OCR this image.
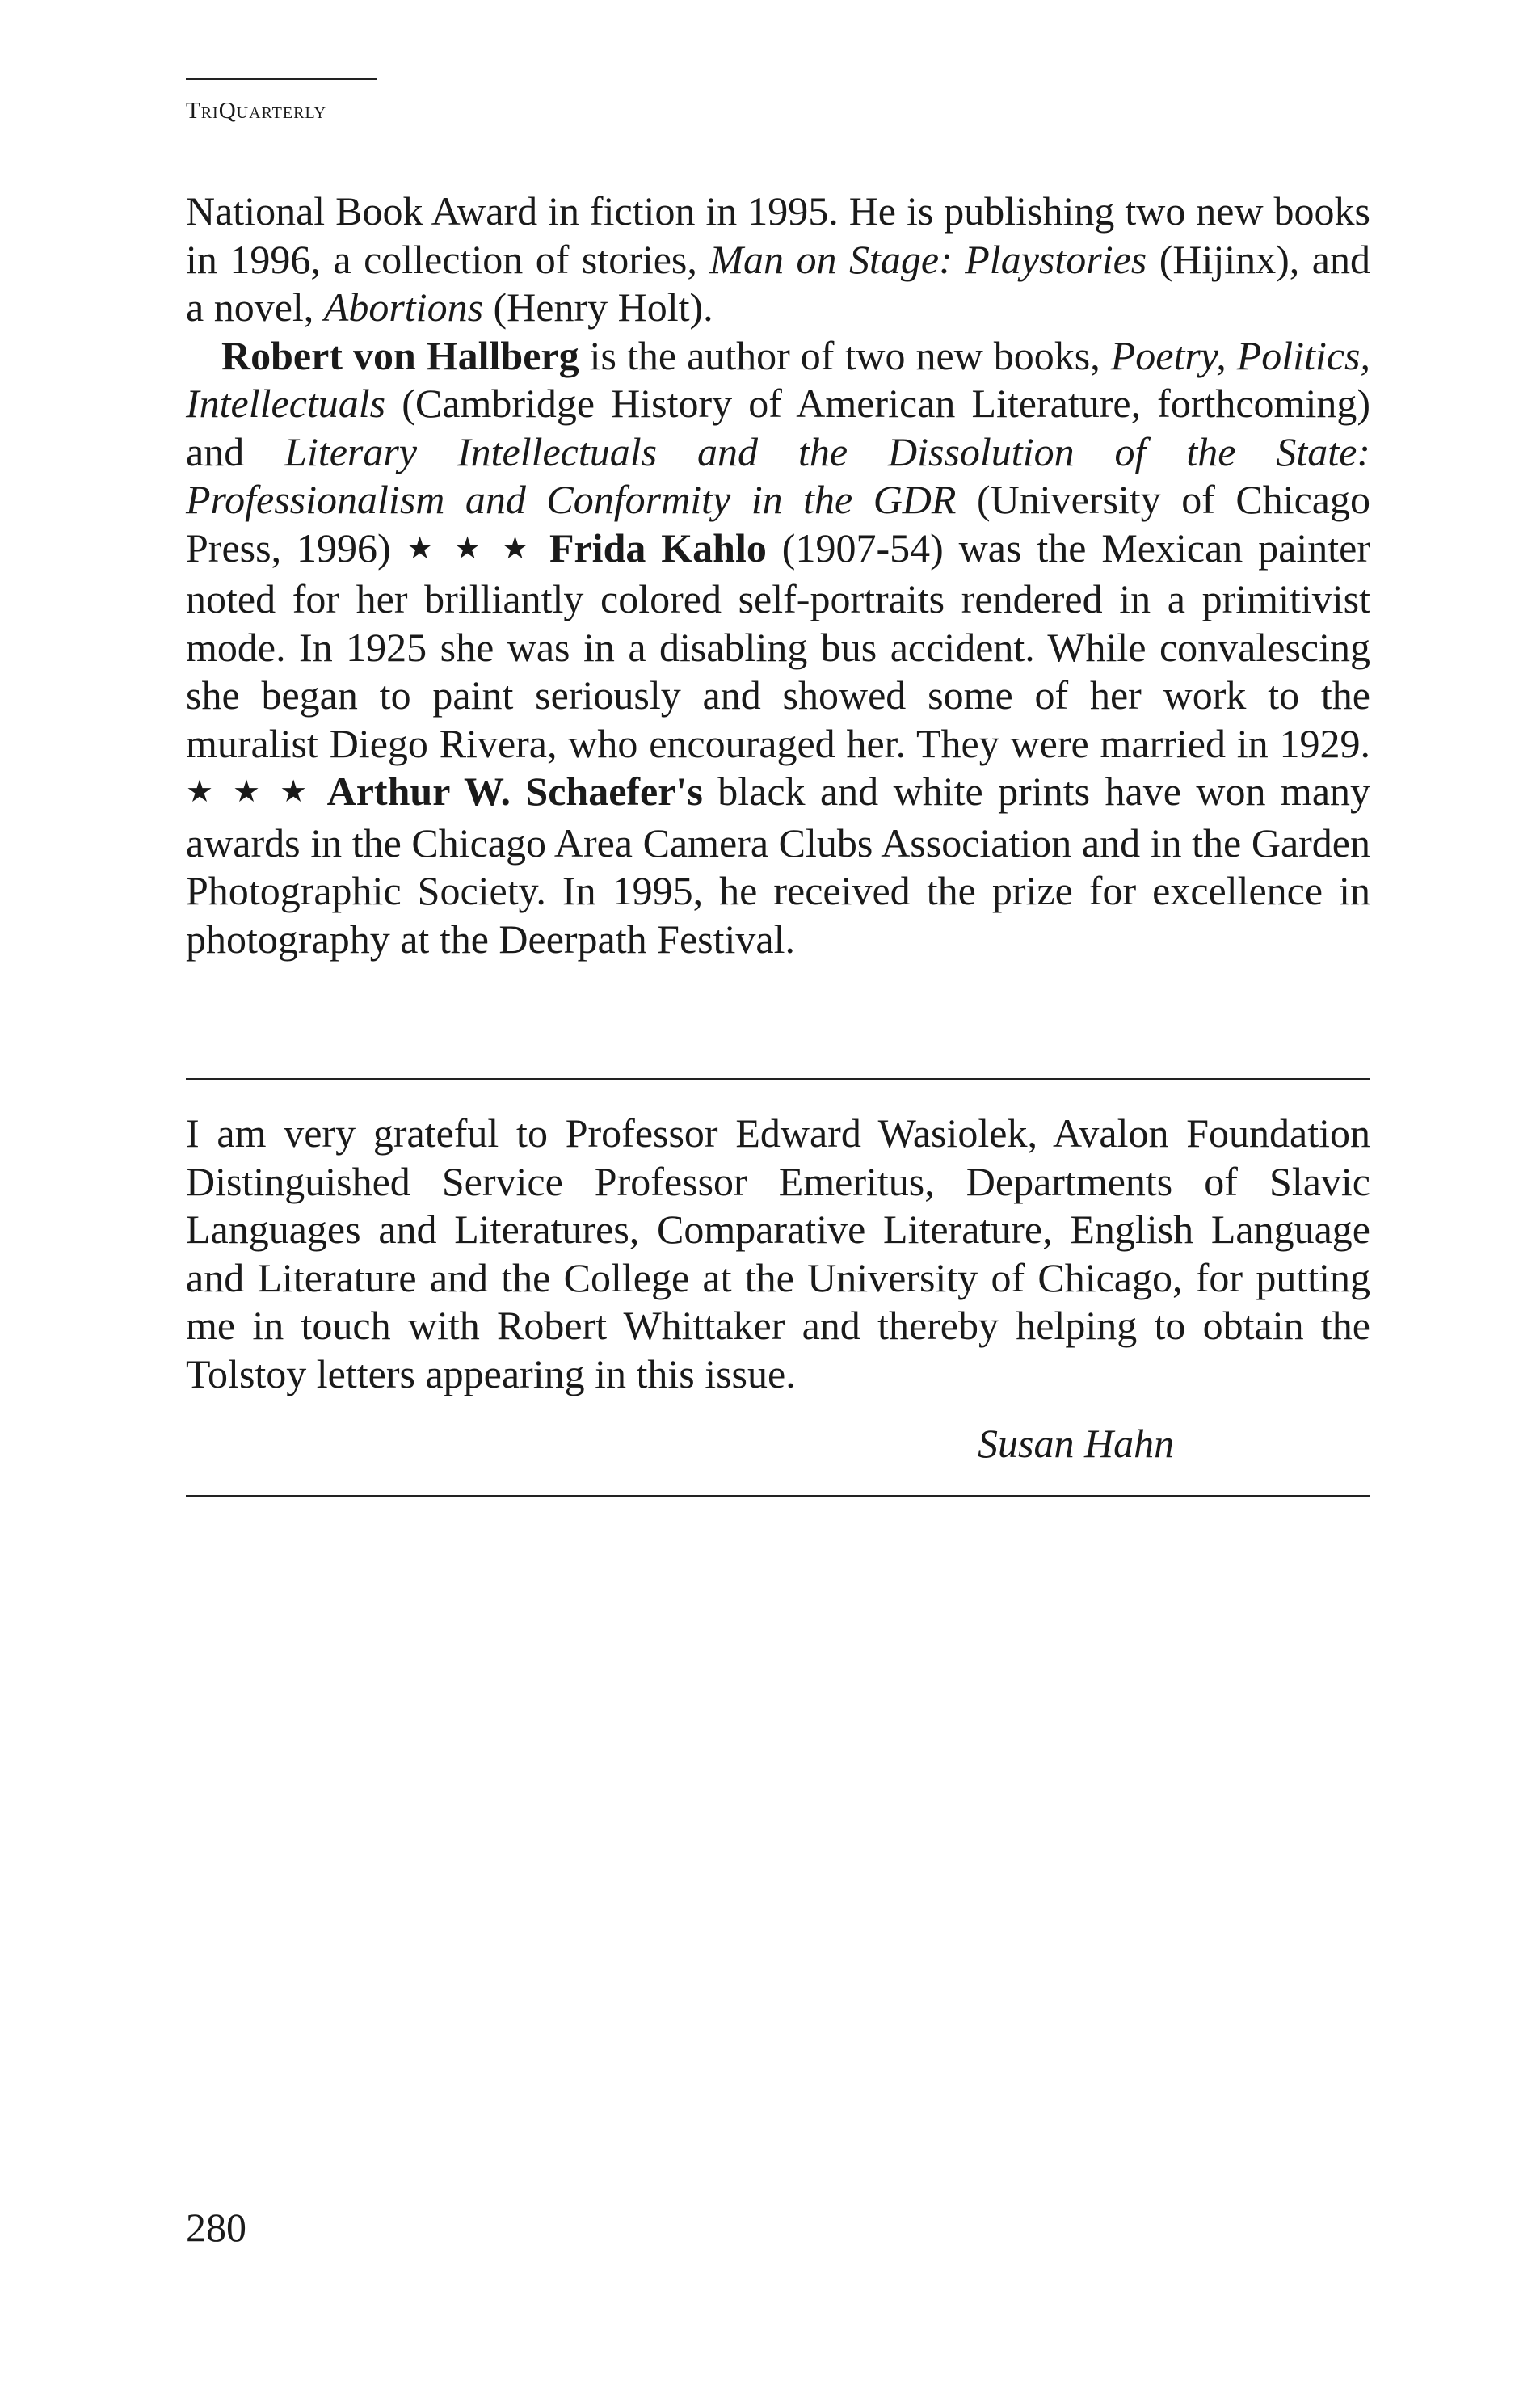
TriQuarterly

National Book Award in fiction in 1995. He is publishing two new books in 1996, a collection of stories, Man on Stage: Playstories (Hijinx), and a novel, Abortions (Henry Holt).

Robert von Hallberg is the author of two new books, Poetry, Politics, Intellectuals (Cambridge History of American Literature, forthcoming) and Literary Intellectuals and the Dissolution of the State: Professionalism and Conformity in the GDR (University of Chicago Press, 1996) ★ ★ ★ Frida Kahlo (1907-54) was the Mexican painter noted for her brilliantly colored self-portraits rendered in a primitivist mode. In 1925 she was in a disabling bus accident. While convalescing she began to paint seriously and showed some of her work to the muralist Diego Rivera, who encouraged her. They were married in 1929. ★ ★ ★ Arthur W. Schaefer's black and white prints have won many awards in the Chicago Area Camera Clubs Association and in the Garden Photographic Society. In 1995, he received the prize for excellence in photography at the Deerpath Festival.

I am very grateful to Professor Edward Wasiolek, Avalon Foundation Distinguished Service Professor Emeritus, Departments of Slavic Languages and Literatures, Comparative Literature, English Language and Literature and the College at the University of Chicago, for putting me in touch with Robert Whittaker and thereby helping to obtain the Tolstoy letters appearing in this issue.

Susan Hahn
280
